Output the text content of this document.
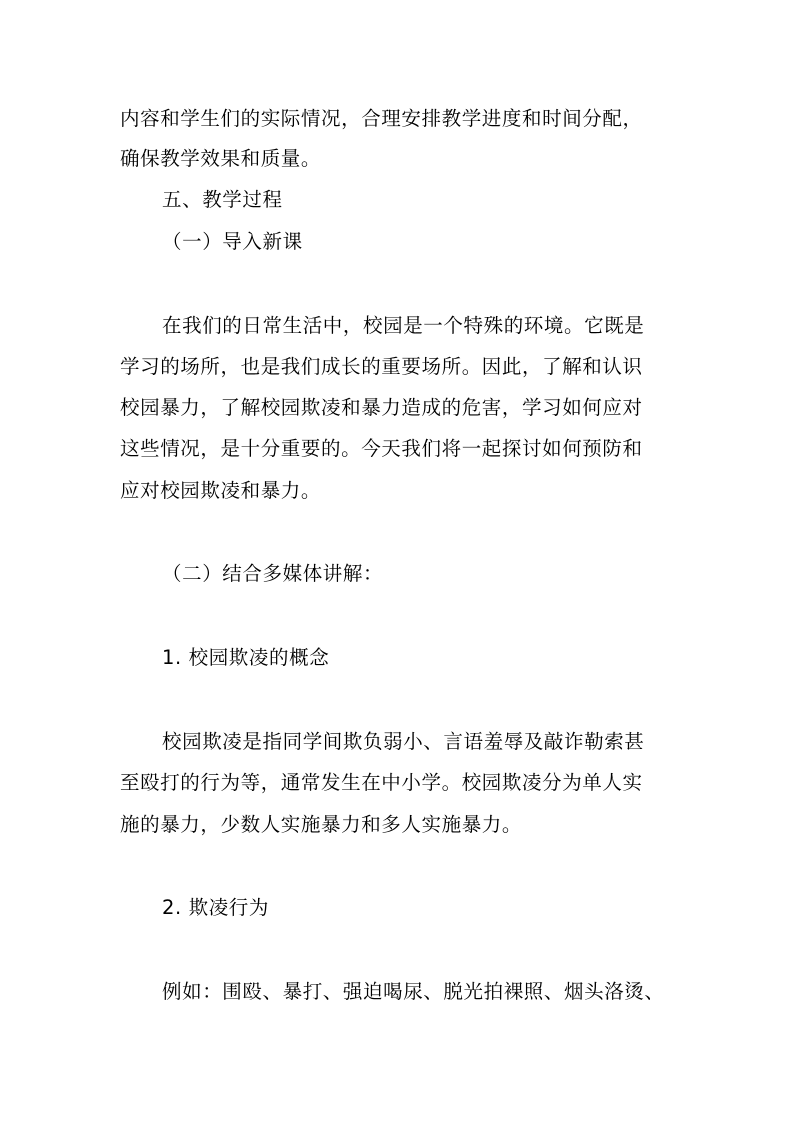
内容和学生们的实际情况，合理安排教学进度和时间分配，
确保教学效果和质量。
五、教学过程
（一）导入新课
在我们的日常生活中，校园是一个特殊的环境。它既是
学习的场所，也是我们成长的重要场所。因此，了解和认识
校园暴力，了解校园欺凌和暴力造成的危害，学习如何应对
这些情况，是十分重要的。今天我们将一起探讨如何预防和
应对校园欺凌和暴力。
（二）结合多媒体讲解：
1. 校园欺凌的概念
校园欺凌是指同学间欺负弱小、言语羞辱及敲诈勒索甚
至殴打的行为等，通常发生在中小学。校园欺凌分为单人实
施的暴力，少数人实施暴力和多人实施暴力。
2. 欺凌行为
例如：围殴、暴打、强迫喝尿、脱光拍裸照、烟头洛烫、
